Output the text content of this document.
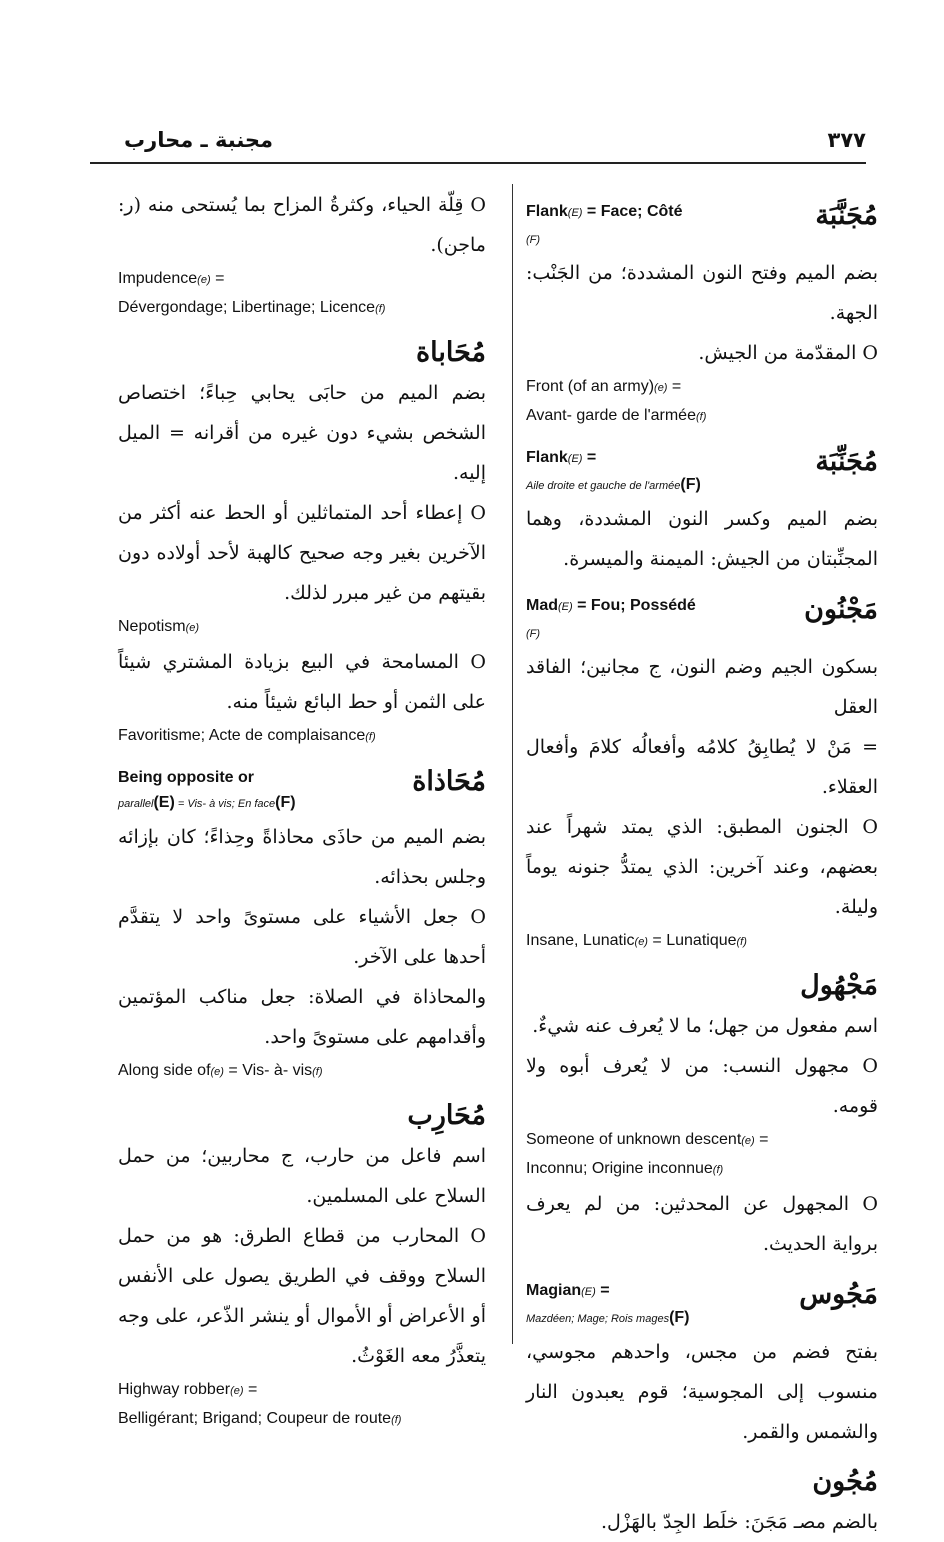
مجنبة ـ محارب	٣٧٧
Flank(E) = Face; Côté
(F)
مُجَنَّبَة

بضم الميم وفتح النون المشددة؛ من الجَنْب: الجهة.

O المقدّمة من الجيش.

Front (of an army)(e) =

Avant- garde de l'armée(f)

Flank(E) =
Aile droite et gauche de l'armée(F)
مُجَنِّبَة

بضم الميم وكسر النون المشددة، وهما المجنِّبتان من الجيش: الميمنة والميسرة.

Mad(E) = Fou; Possédé
(F)
مَجْنُون

بسكون الجيم وضم النون، ج مجانين؛ الفاقد العقل

= مَنْ لا يُطابِقُ كلامُه وأفعالُه كلامَ وأفعال العقلاء.

O الجنون المطبق: الذي يمتد شهراً عند بعضهم، وعند آخرين: الذي يمتدُّ جنونه يوماً وليلة.

Insane, Lunatic(e) = Lunatique(f)

مَجْهُول

اسم مفعول من جهل؛ ما لا يُعرف عنه شيءٌ.

O مجهول النسب: من لا يُعرف أبوه ولا قومه.

Someone of unknown descent(e) =

Inconnu; Origine inconnue(f)

O المجهول عن المحدثين: من لم يعرف برواية الحديث.

Magian(E) =
Mazdéen; Mage; Rois mages(F)
مَجُوس

بفتح فضم من مجس، واحدهم مجوسي، منسوب إلى المجوسية؛ قوم يعبدون النار والشمس والقمر.

مُجُون

بالضم مصـ مَجَنَ: خلَط الجِدّ بالهَزْل.

O قِلّة الحياء، وكثرةُ المزاح بما يُستحى منه (ر: ماجن).

Impudence(e) =

Dévergondage; Libertinage; Licence(f)

مُحَاباة

بضم الميم من حابَى يحابي حِباءً؛ اختصاص الشخص بشيء دون غيره من أقرانه = الميل إليه.

O إعطاء أحد المتماثلين أو الحط عنه أكثر من الآخرين بغير وجه صحيح كالهبة لأحد أولاده دون بقيتهم من غير مبرر لذلك.

Nepotism(e)

O المسامحة في البيع بزيادة المشتري شيئاً على الثمن أو حط البائع شيئاً منه.

Favoritisme; Acte de complaisance(f)

Being opposite or
parallel(E) = Vis- à vis; En face(F)
مُحَاذاة

بضم الميم من حاذَى محاذاةً وحِذاءً؛ كان بإزائه وجلس بحذائه.

O جعل الأشياء على مستوىً واحد لا يتقدَّم أحدها على الآخر.

والمحاذاة في الصلاة: جعل مناكب المؤتمين وأقدامهم على مستوىً واحد.

Along side of(e) = Vis- à- vis(f)

مُحَارِب

اسم فاعل من حارب، ج محاربين؛ من حمل السلاح على المسلمين.

O المحارب من قطاع الطرق: هو من حمل السلاح ووقف في الطريق يصول على الأنفس أو الأعراض أو الأموال أو ينشر الذّعر، على وجه يتعذَّرُ معه الغَوْثُ.

Highway robber(e) =

Belligérant; Brigand; Coupeur de route(f)
